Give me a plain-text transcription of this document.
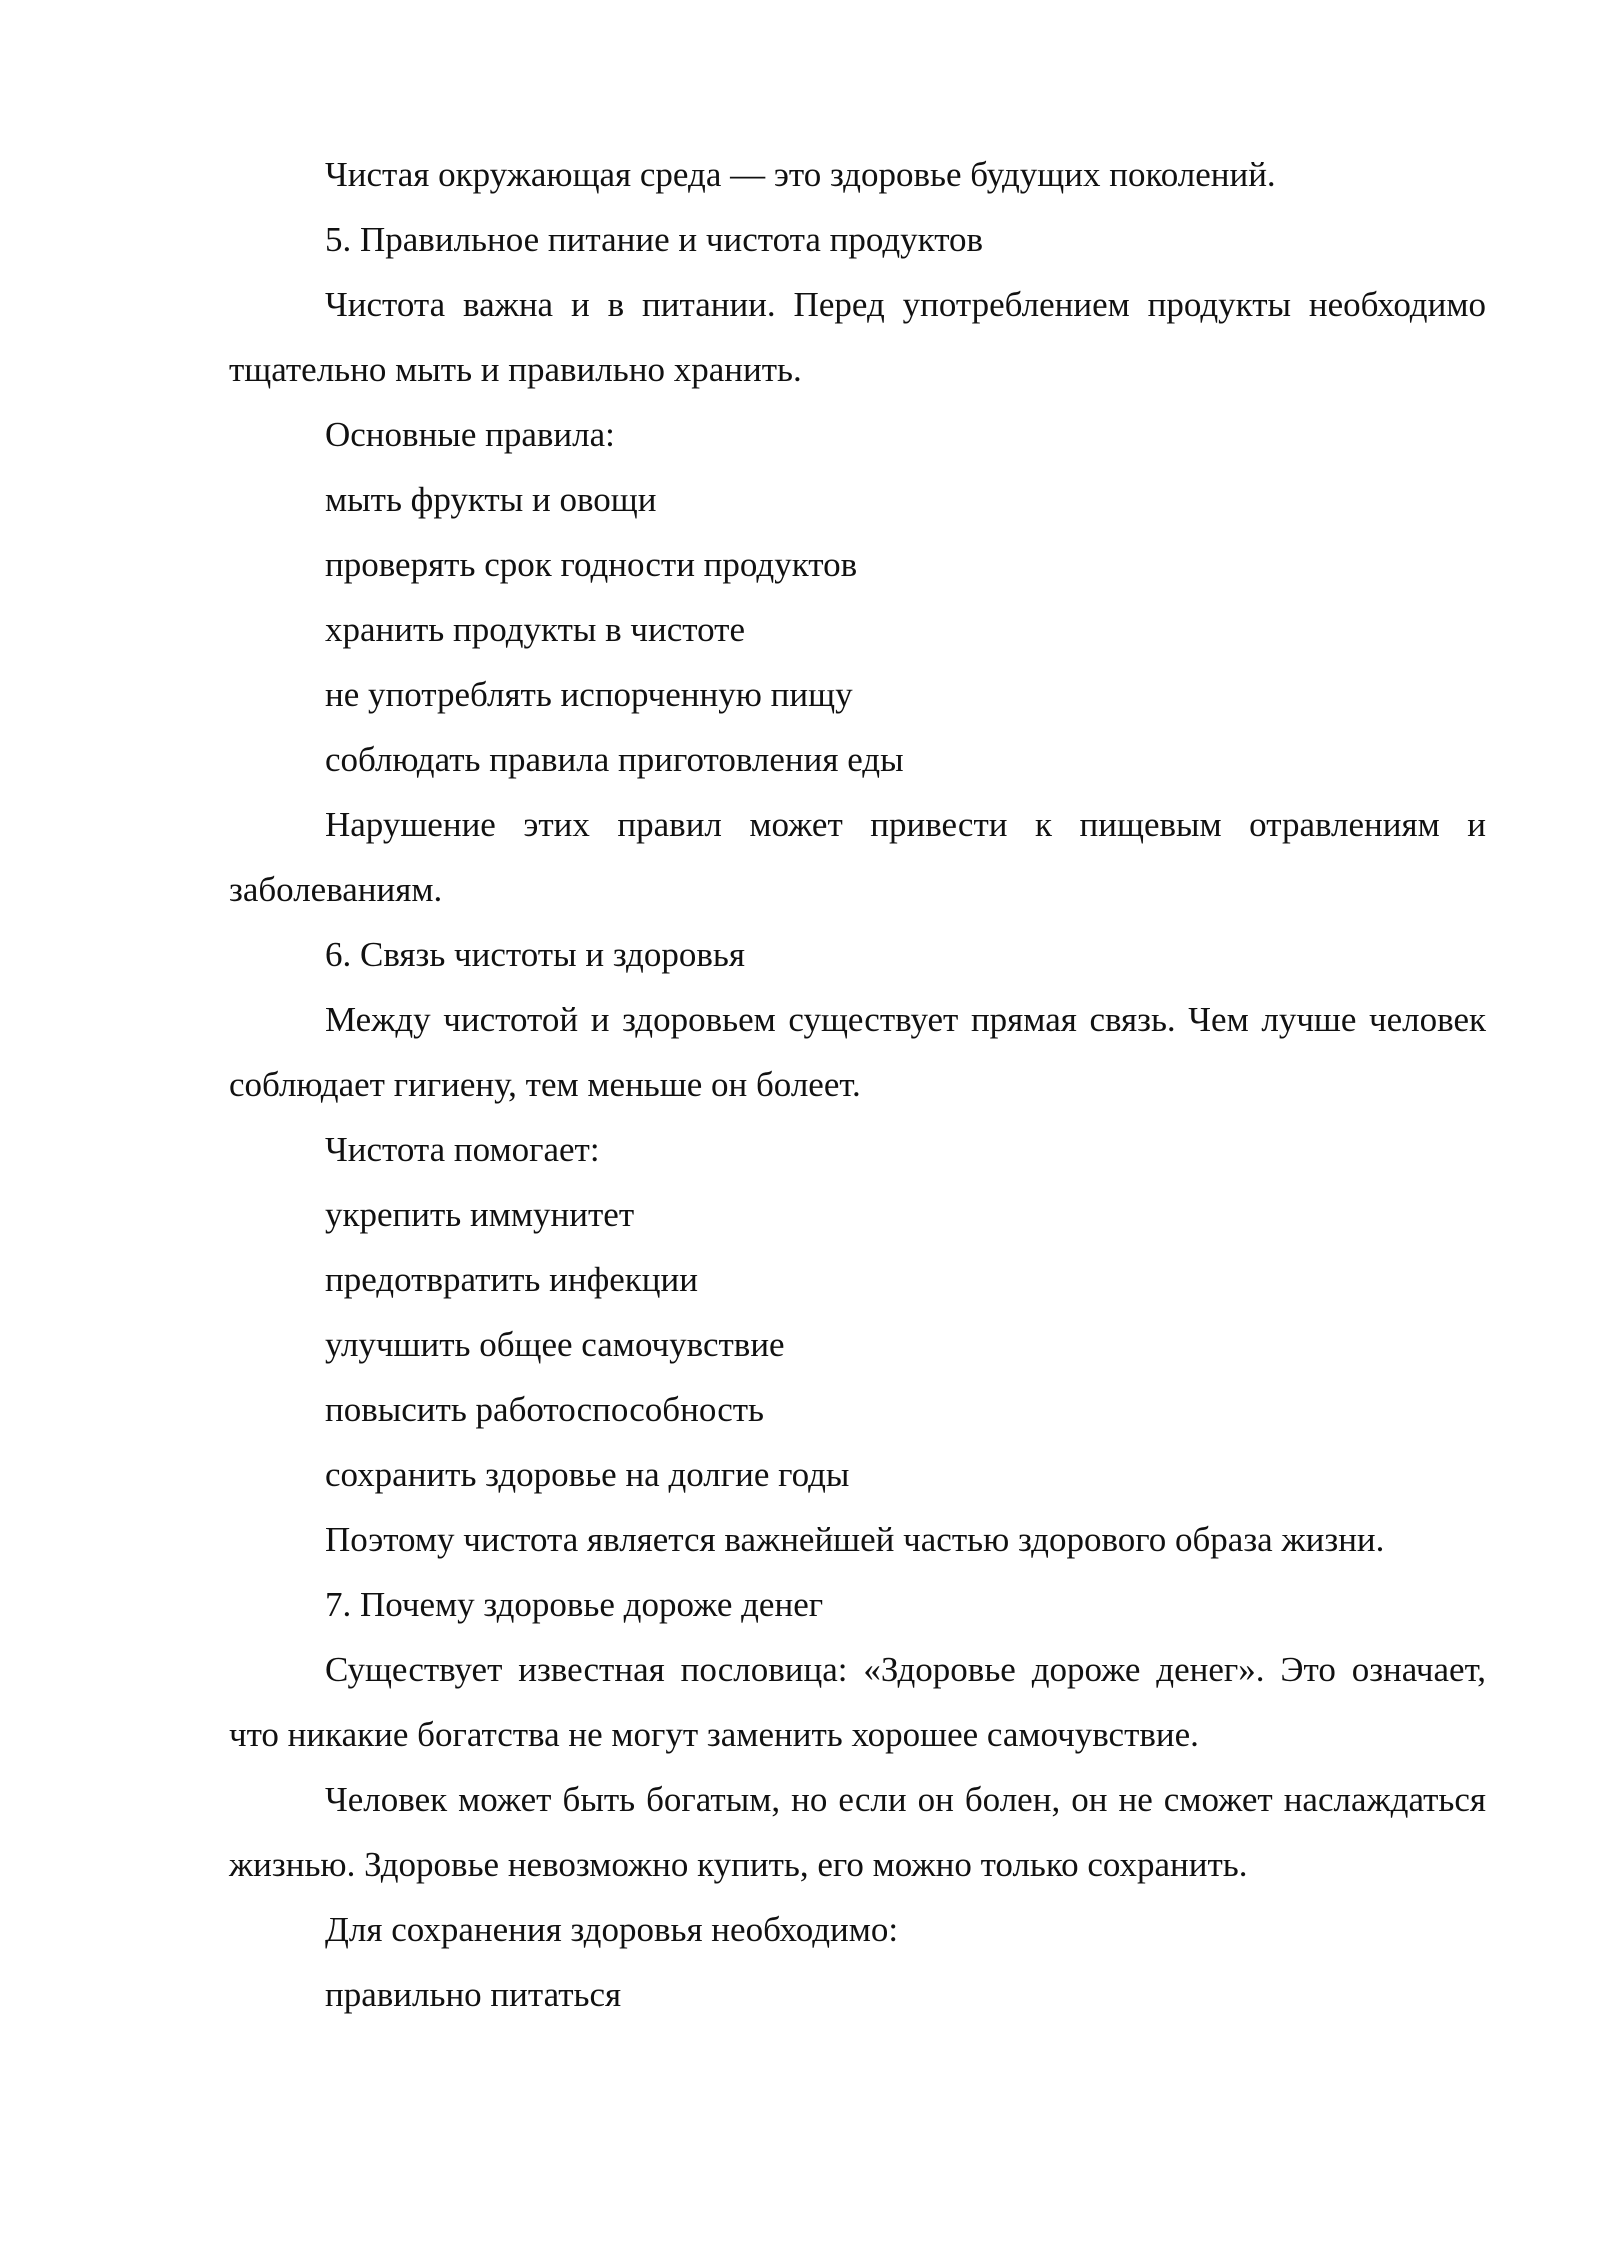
Чистая окружающая среда — это здоровье будущих поколений.

5. Правильное питание и чистота продуктов

Чистота важна и в питании. Перед употреблением продукты необходимо тщательно мыть и правильно хранить.

Основные правила:

мыть фрукты и овощи

проверять срок годности продуктов

хранить продукты в чистоте

не употреблять испорченную пищу

соблюдать правила приготовления еды

Нарушение этих правил может привести к пищевым отравлениям и заболеваниям.

6. Связь чистоты и здоровья

Между чистотой и здоровьем существует прямая связь. Чем лучше человек соблюдает гигиену, тем меньше он болеет.

Чистота помогает:

укрепить иммунитет

предотвратить инфекции

улучшить общее самочувствие

повысить работоспособность

сохранить здоровье на долгие годы

Поэтому чистота является важнейшей частью здорового образа жизни.

7. Почему здоровье дороже денег

Существует известная пословица: «Здоровье дороже денег». Это означает, что никакие богатства не могут заменить хорошее самочувствие.

Человек может быть богатым, но если он болен, он не сможет наслаждаться жизнью. Здоровье невозможно купить, его можно только сохранить.

Для сохранения здоровья необходимо:

правильно питаться
